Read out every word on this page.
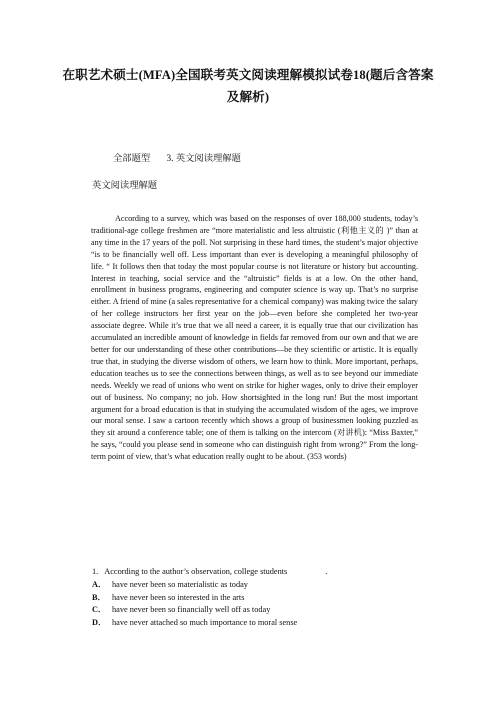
在职艺术硕士(MFA)全国联考英文阅读理解模拟试卷18(题后含答案及解析)
全部题型 3. 英文阅读理解题
英文阅读理解题

According to a survey, which was based on the responses of over 188,000 students, today’s traditional-age college freshmen are “more materialistic and less altruistic (利他主义的 )” than at any time in the 17 years of the poll. Not surprising in these hard times, the student’s major objective “is to be financially well off. Less important than ever is developing a meaningful philosophy of life. “ It follows then that today the most popular course is not literature or history but accounting. Interest in teaching, social service and the “altruistic” fields is at a low. On the other hand, enrollment in business programs, engineering and computer science is way up. That’s no surprise either. A friend of mine (a sales representative for a chemical company) was making twice the salary of her college instructors her first year on the job—even before she completed her two-year associate degree. While it’s true that we all need a career, it is equally true that our civilization has accumulated an incredible amount of knowledge in fields far removed from our own and that we are better for our understanding of these other contributions—be they scientific or artistic. It is equally true that, in studying the diverse wisdom of others, we learn how to think. More important, perhaps, education teaches us to see the connections between things, as well as to see beyond our immediate needs. Weekly we read of unions who went on strike for higher wages, only to drive their employer out of business. No company; no job. How shortsighted in the long run! But the most important argument for a broad education is that in studying the accumulated wisdom of the ages, we improve our moral sense. I saw a cartoon recently which shows a group of businessmen looking puzzled as they sit around a conference table; one of them is talking on the intercom (对讲机): “Miss Baxter,” he says, “could you please send in someone who can distinguish right from wrong?” From the long-term point of view, that’s what education really ought to be about. (353 words)

1. According to the author’s observation, college students	.
A． have never been so materialistic as today
B． have never been so interested in the arts
C． have never been so financially well off as today
D． have never attached so much importance to moral sense
